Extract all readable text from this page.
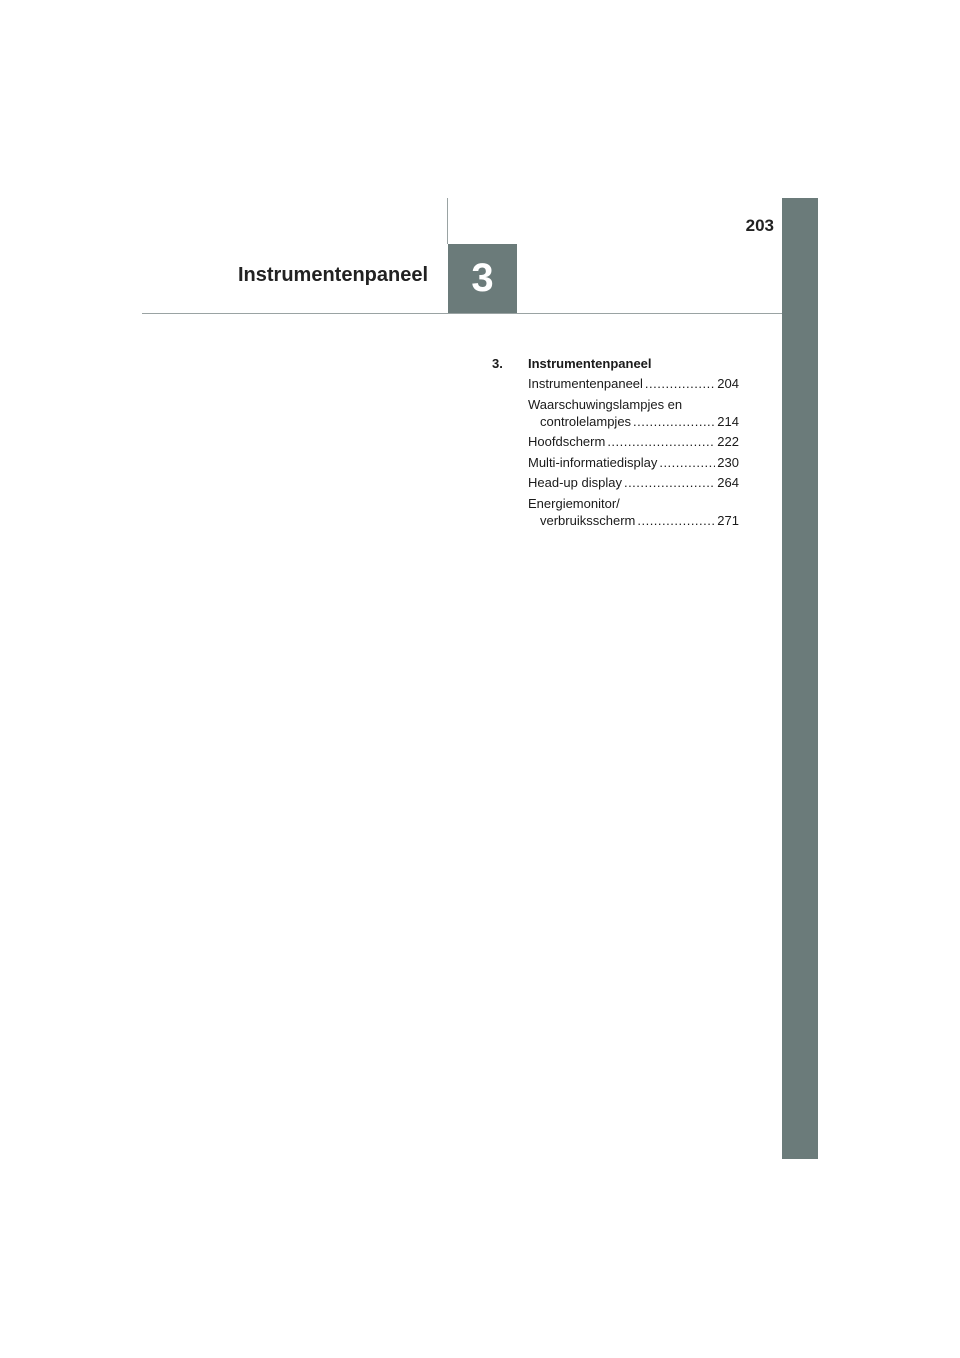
3
203
Instrumentenpaneel
3.	Instrumentenpaneel
Instrumentenpaneel .....	204
Waarschuwingslampjes en
controlelampjes .....	214
Hoofdscherm .....	222
Multi-informatiedisplay .....	230
Head-up display .....	264
Energiemonitor/
verbruiksscherm .....	271
